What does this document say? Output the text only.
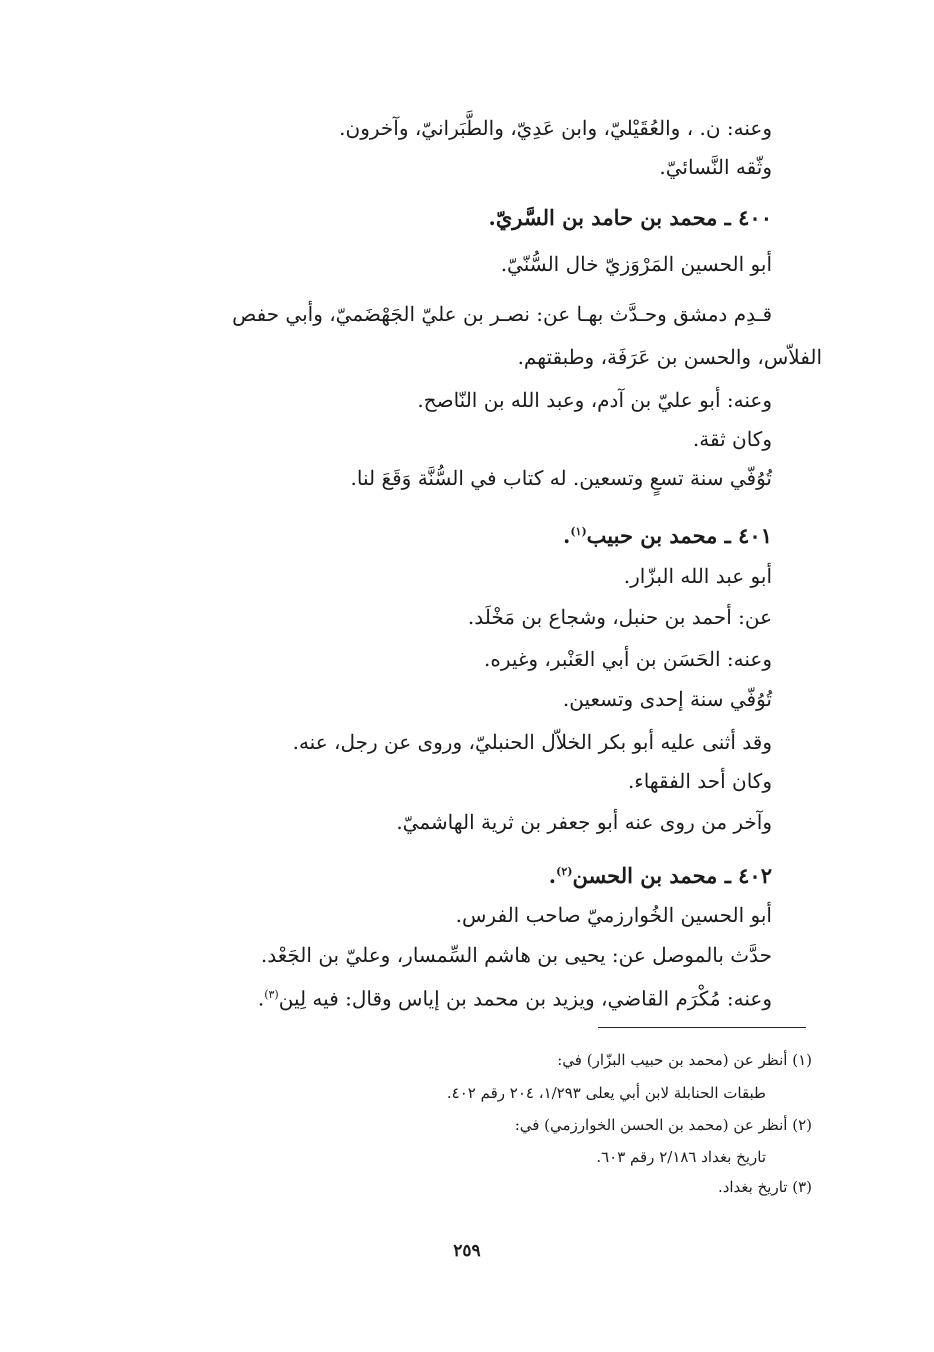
وعنه: ن. ، والعُقَيْليّ، وابن عَدِيّ، والطَّبَرانيّ، وآخرون.
وثّقه النَّسائيّ.
٤٠٠ ـ محمد بن حامد بن السَّريّ.
أبو الحسين المَرْوَزيّ خال السُّنّيّ.
قـدِم دمشق وحـدَّث بهـا عن: نصـر بن عليّ الجَهْضَميّ، وأبي حفص
الفلاّس، والحسن بن عَرَفَة، وطبقتهم.
وعنه: أبو عليّ بن آدم، وعبد الله بن النّاصح.
وكان ثقة.
تُوُفّي سنة تسعٍ وتسعين. له كتاب في السُّنَّة وَقَعَ لنا.
٤٠١ ـ محمد بن حبيب$^{(١)}$.
أبو عبد الله البزّار.
عن: أحمد بن حنبل، وشجاع بن مَخْلَد.
وعنه: الحَسَن بن أبي العَنْبر، وغيره.
تُوُفّي سنة إحدى وتسعين.
وقد أثنى عليه أبو بكر الخلاّل الحنبليّ، وروى عن رجل، عنه.
وكان أحد الفقهاء.
وآخر من روى عنه أبو جعفر بن ثرية الهاشميّ.
٤٠٢ ـ محمد بن الحسن$^{(٢)}$.
أبو الحسين الخُوارزميّ صاحب الفرس.
حدَّث بالموصل عن: يحيى بن هاشم السِّمسار، وعليّ بن الجَعْد.
وعنه: مُكْرَم القاضي، ويزيد بن محمد بن إياس وقال: فيه لِين$^{(٣)}$.
(١) أنظر عن (محمد بن حبيب البزّار) في:
طبقات الحنابلة لابن أبي يعلى ١/٢٩٣، ٢٠٤ رقم ٤٠٢.
(٢) أنظر عن (محمد بن الحسن الخوارزمي) في:
تاريخ بغداد ٢/١٨٦ رقم ٦٠٣.
(٣) تاريخ بغداد.
٢٥٩
